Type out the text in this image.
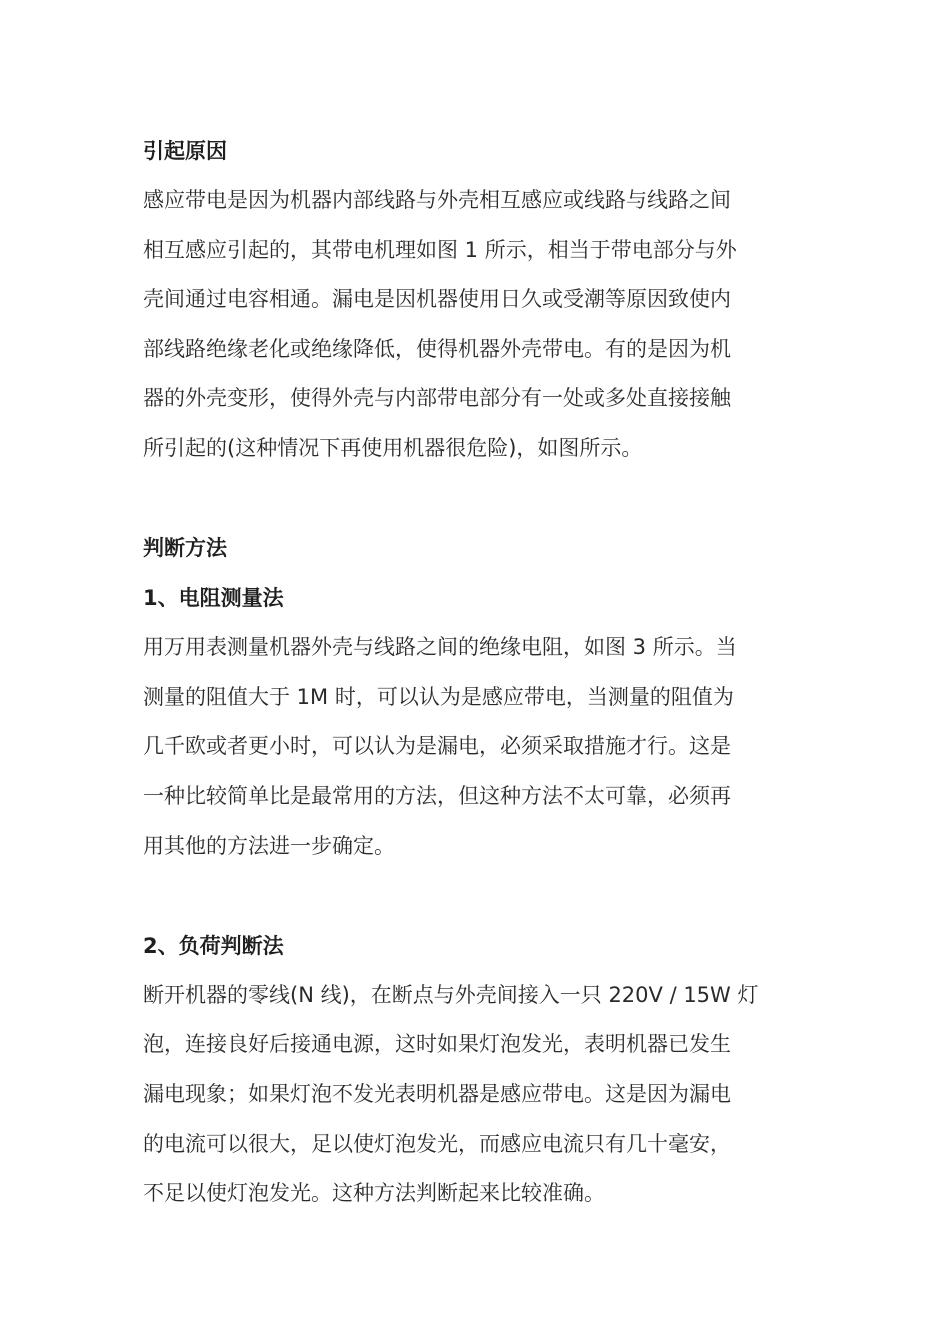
引起原因
感应带电是因为机器内部线路与外壳相互感应或线路与线路之间
相互感应引起的，其带电机理如图 1 所示，相当于带电部分与外
壳间通过电容相通。漏电是因机器使用日久或受潮等原因致使内
部线路绝缘老化或绝缘降低，使得机器外壳带电。有的是因为机
器的外壳变形，使得外壳与内部带电部分有一处或多处直接接触
所引起的(这种情况下再使用机器很危险)，如图所示。
判断方法
1、电阻测量法
用万用表测量机器外壳与线路之间的绝缘电阻，如图 3 所示。当
测量的阻值大于 1M 时，可以认为是感应带电，当测量的阻值为
几千欧或者更小时，可以认为是漏电，必须采取措施才行。这是
一种比较简单比是最常用的方法，但这种方法不太可靠，必须再
用其他的方法进一步确定。
2、负荷判断法
断开机器的零线(N 线)，在断点与外壳间接入一只 220V / 15W 灯
泡，连接良好后接通电源，这时如果灯泡发光，表明机器已发生
漏电现象；如果灯泡不发光表明机器是感应带电。这是因为漏电
的电流可以很大，足以使灯泡发光，而感应电流只有几十毫安，
不足以使灯泡发光。这种方法判断起来比较准确。
